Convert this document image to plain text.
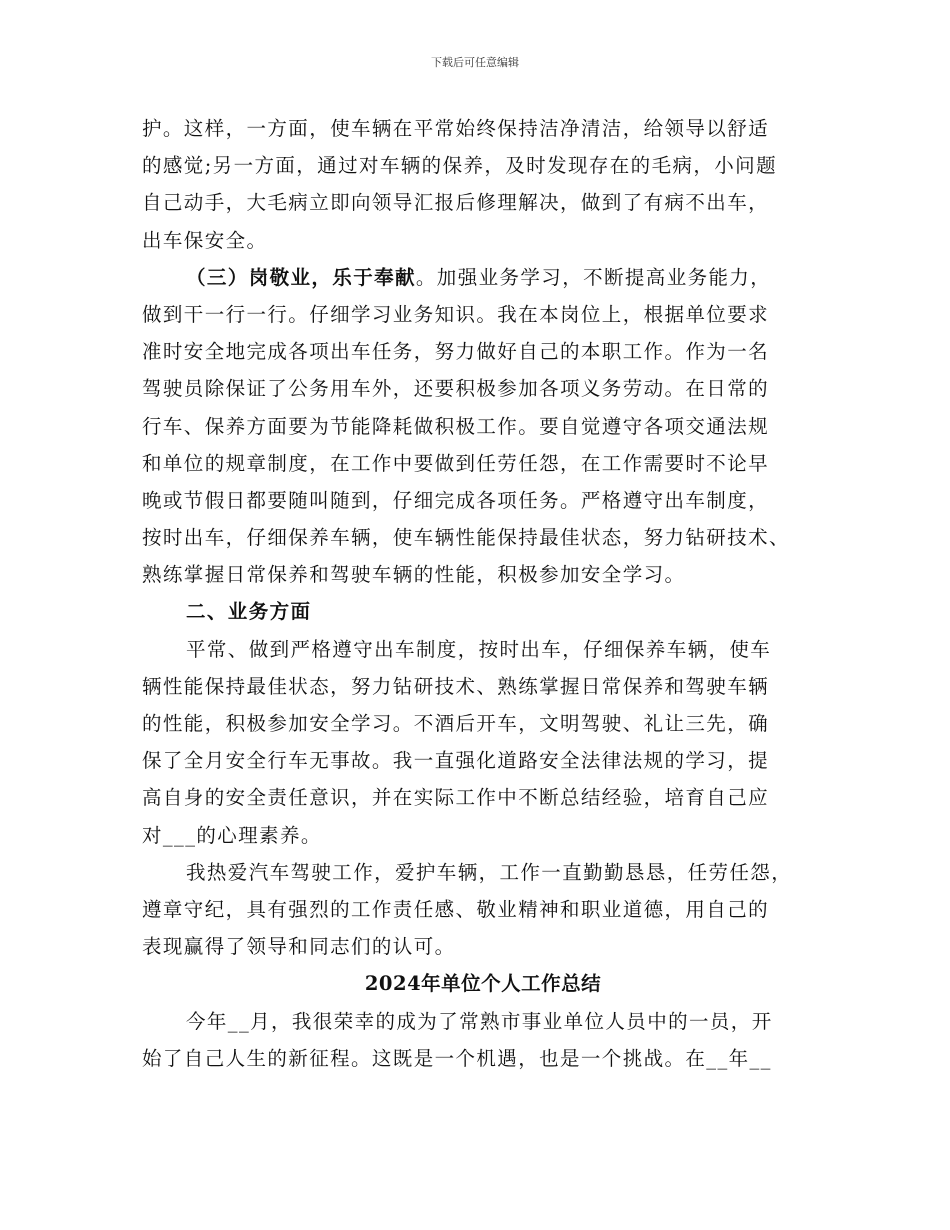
下载后可任意编辑
护。这样，一方面，使车辆在平常始终保持洁净清洁，给领导以舒适
的感觉;另一方面，通过对车辆的保养，及时发现存在的毛病，小问题
自己动手，大毛病立即向领导汇报后修理解决，做到了有病不出车，
出车保安全。
（三）岗敬业，乐于奉献。加强业务学习，不断提高业务能力，
做到干一行一行。仔细学习业务知识。我在本岗位上，根据单位要求
准时安全地完成各项出车任务，努力做好自己的本职工作。作为一名
驾驶员除保证了公务用车外，还要积极参加各项义务劳动。在日常的
行车、保养方面要为节能降耗做积极工作。要自觉遵守各项交通法规
和单位的规章制度，在工作中要做到任劳任怨，在工作需要时不论早
晚或节假日都要随叫随到，仔细完成各项任务。严格遵守出车制度，
按时出车，仔细保养车辆，使车辆性能保持最佳状态，努力钻研技术、
熟练掌握日常保养和驾驶车辆的性能，积极参加安全学习。
二、业务方面
平常、做到严格遵守出车制度，按时出车，仔细保养车辆，使车
辆性能保持最佳状态，努力钻研技术、熟练掌握日常保养和驾驶车辆
的性能，积极参加安全学习。不酒后开车，文明驾驶、礼让三先，确
保了全月安全行车无事故。我一直强化道路安全法律法规的学习，提
高自身的安全责任意识，并在实际工作中不断总结经验，培育自己应
对___的心理素养。
我热爱汽车驾驶工作，爱护车辆，工作一直勤勤恳恳，任劳任怨，
遵章守纪，具有强烈的工作责任感、敬业精神和职业道德，用自己的
表现赢得了领导和同志们的认可。
2024年单位个人工作总结
今年__月，我很荣幸的成为了常熟市事业单位人员中的一员，开
始了自己人生的新征程。这既是一个机遇，也是一个挑战。在__年__
